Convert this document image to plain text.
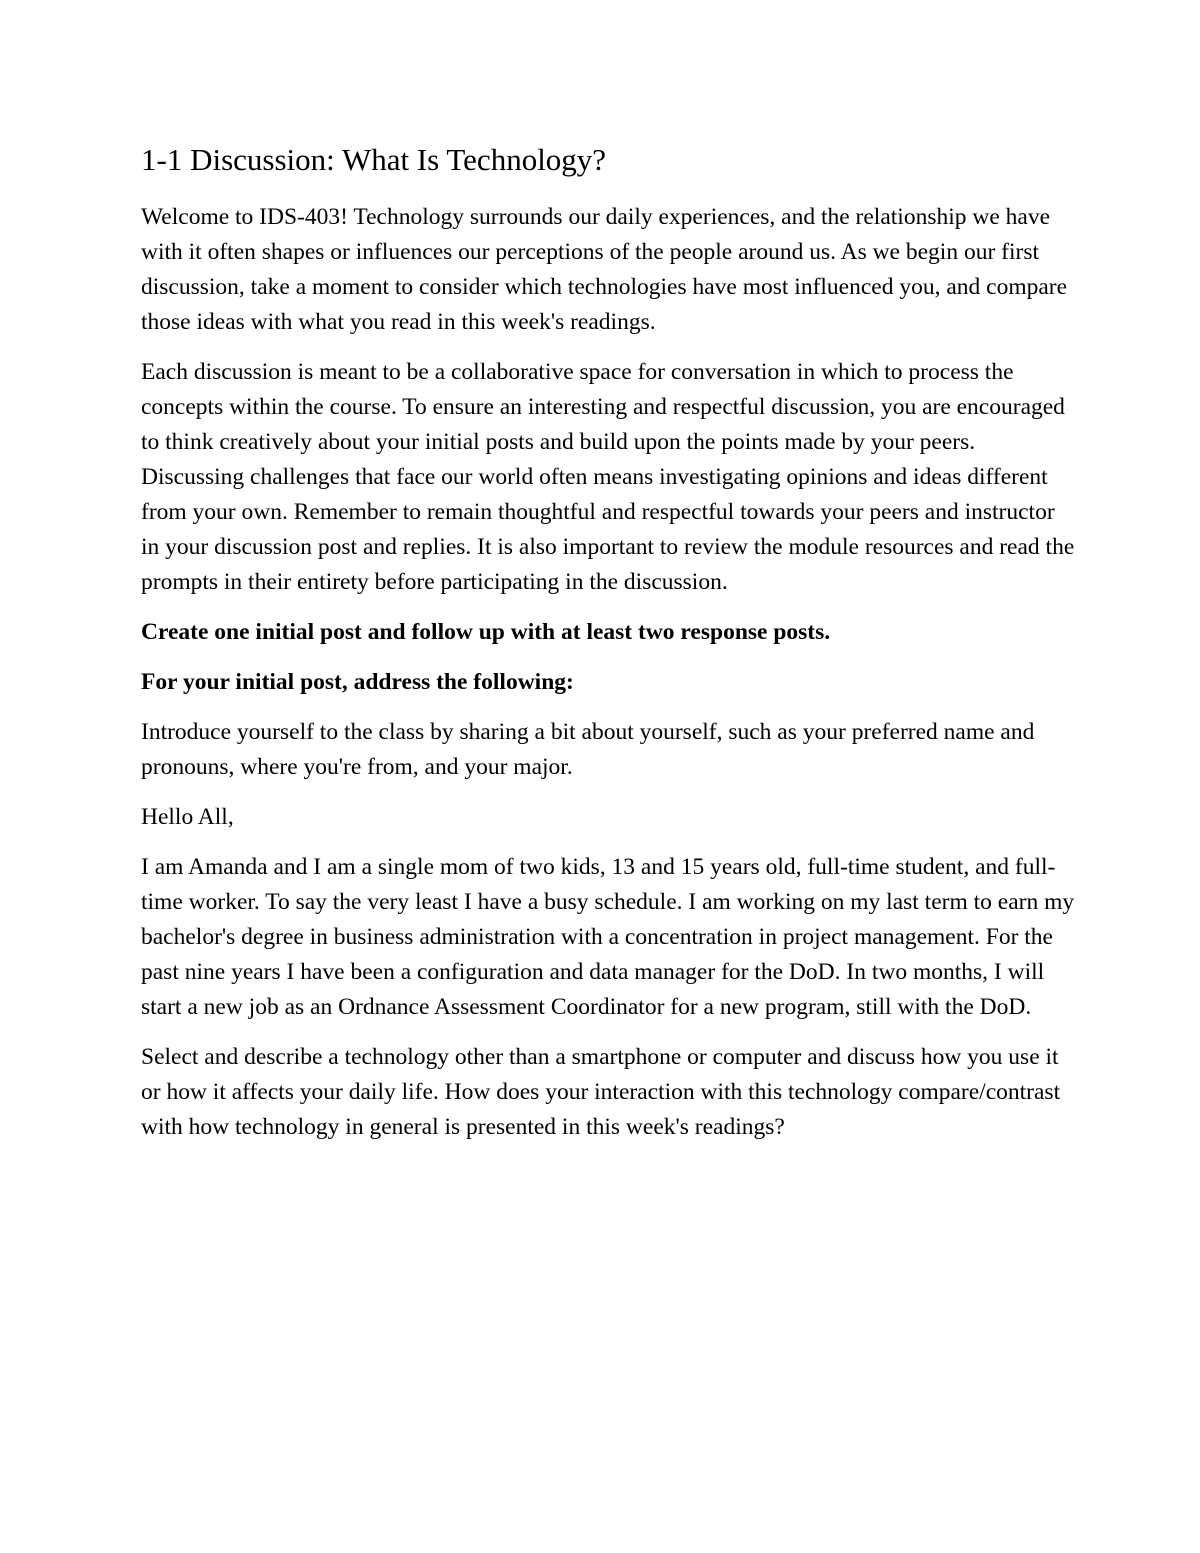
1-1 Discussion: What Is Technology?

Welcome to IDS-403! Technology surrounds our daily experiences, and the relationship we have with it often shapes or influences our perceptions of the people around us. As we begin our first discussion, take a moment to consider which technologies have most influenced you, and compare those ideas with what you read in this week's readings.

Each discussion is meant to be a collaborative space for conversation in which to process the concepts within the course. To ensure an interesting and respectful discussion, you are encouraged to think creatively about your initial posts and build upon the points made by your peers. Discussing challenges that face our world often means investigating opinions and ideas different from your own. Remember to remain thoughtful and respectful towards your peers and instructor in your discussion post and replies. It is also important to review the module resources and read the prompts in their entirety before participating in the discussion.

Create one initial post and follow up with at least two response posts.

For your initial post, address the following:

Introduce yourself to the class by sharing a bit about yourself, such as your preferred name and pronouns, where you're from, and your major.

Hello All,

I am Amanda and I am a single mom of two kids, 13 and 15 years old, full-time student, and full-time worker. To say the very least I have a busy schedule. I am working on my last term to earn my bachelor's degree in business administration with a concentration in project management. For the past nine years I have been a configuration and data manager for the DoD. In two months, I will start a new job as an Ordnance Assessment Coordinator for a new program, still with the DoD.

Select and describe a technology other than a smartphone or computer and discuss how you use it or how it affects your daily life. How does your interaction with this technology compare/contrast with how technology in general is presented in this week's readings?
